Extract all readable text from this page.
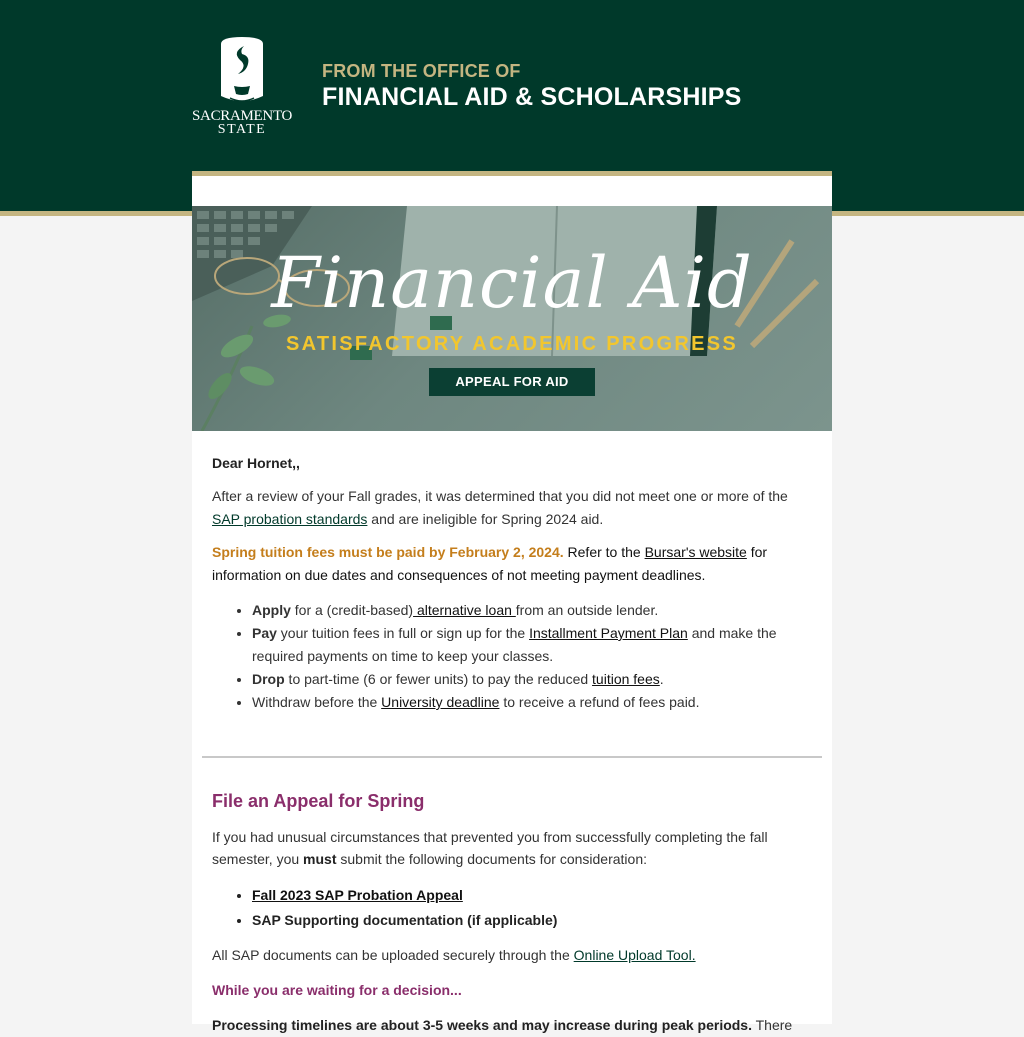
SACRAMENTO
STATE
FROM THE OFFICE OF
FINANCIAL AID & SCHOLARSHIPS
Financial Aid
SATISFACTORY ACADEMIC PROGRESS
APPEAL FOR AID

Dear Hornet,,

After a review of your Fall grades, it was determined that you did not meet one or more of the SAP probation standards and are ineligible for Spring 2024 aid.

Spring tuition fees must be paid by February 2, 2024. Refer to the Bursar's website for information on due dates and consequences of not meeting payment deadlines.

• Apply for a (credit-based) alternative loan from an outside lender.
• Pay your tuition fees in full or sign up for the Installment Payment Plan and make the required payments on time to keep your classes.
• Drop to part-time (6 or fewer units) to pay the reduced tuition fees.
• Withdraw before the University deadline to receive a refund of fees paid.

File an Appeal for Spring

If you had unusual circumstances that prevented you from successfully completing the fall semester, you must submit the following documents for consideration:

• Fall 2023 SAP Probation Appeal
• SAP Supporting documentation (if applicable)

All SAP documents can be uploaded securely through the Online Upload Tool.

While you are waiting for a decision...

Processing timelines are about 3-5 weeks and may increase during peak periods. There
